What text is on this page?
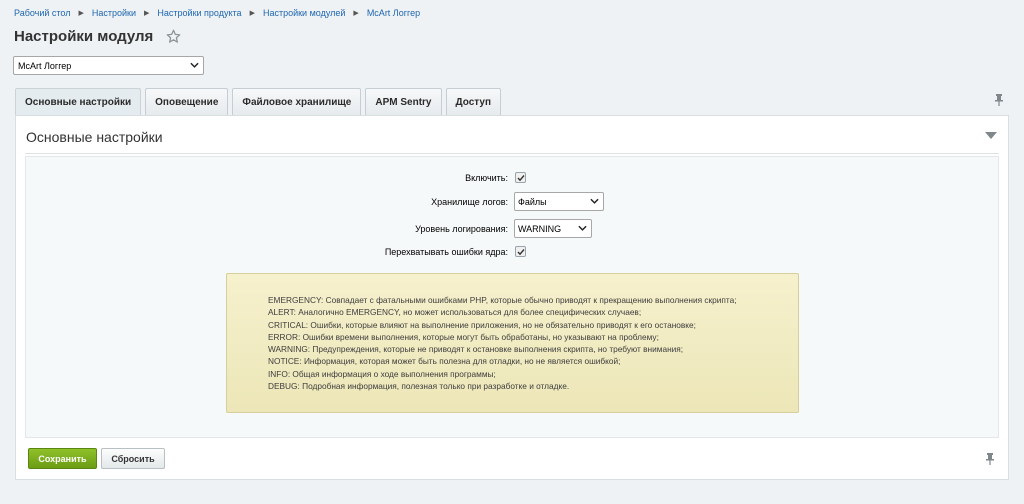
Рабочий стол ▶ Настройки ▶ Настройки продукта ▶ Настройки модулей ▶ McArt Логгер
Настройки модуля
McArt Логгер
Основные настройки	Оповещение	Файловое хранилище	APM Sentry	Доступ
Основные настройки
Включить:
Хранилище логов:	Файлы
Уровень логирования:	WARNING
Перехватывать ошибки ядра:

EMERGENCY: Совпадает с фатальными ошибками PHP, которые обычно приводят к прекращению выполнения скрипта;

ALERT: Аналогично EMERGENCY, но может использоваться для более специфических случаев;

CRITICAL: Ошибки, которые влияют на выполнение приложения, но не обязательно приводят к его остановке;

ERROR: Ошибки времени выполнения, которые могут быть обработаны, но указывают на проблему;

WARNING: Предупреждения, которые не приводят к остановке выполнения скрипта, но требуют внимания;

NOTICE: Информация, которая может быть полезна для отладки, но не является ошибкой;

INFO: Общая информация о ходе выполнения программы;

DEBUG: Подробная информация, полезная только при разработке и отладке.

Сохранить	Сбросить
